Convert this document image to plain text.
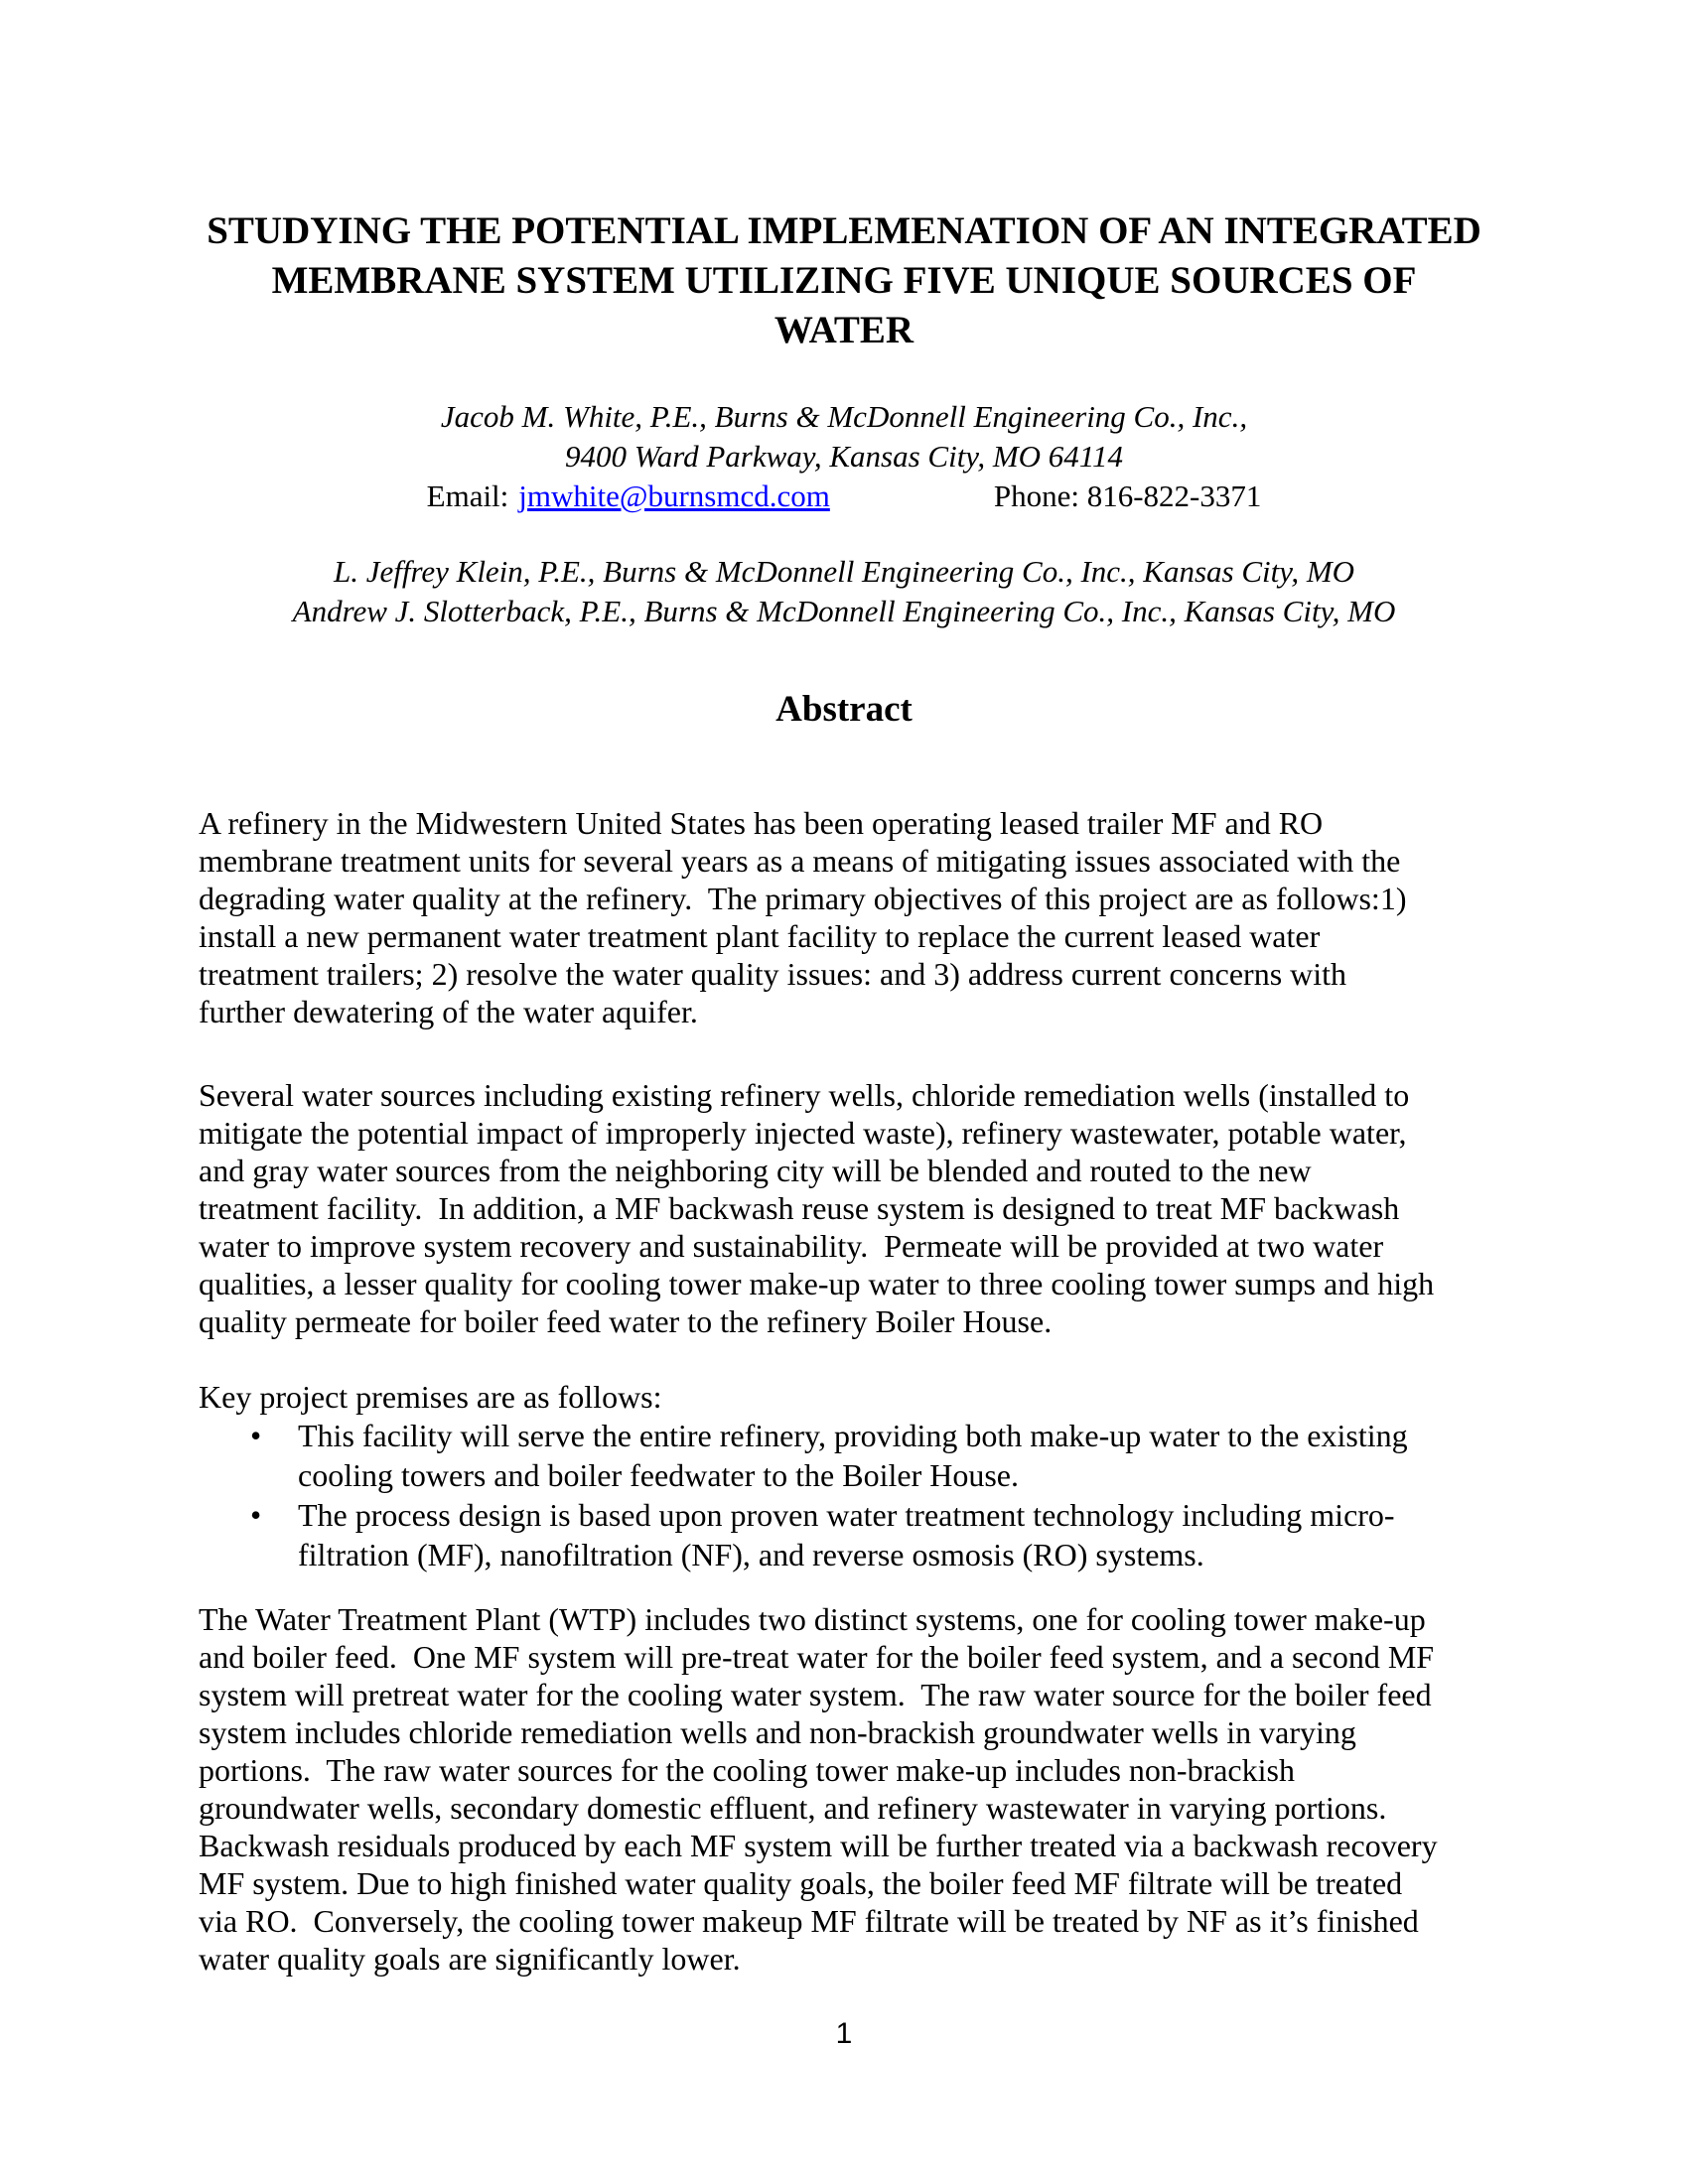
STUDYING THE POTENTIAL IMPLEMENATION OF AN INTEGRATED
MEMBRANE SYSTEM UTILIZING FIVE UNIQUE SOURCES OF
WATER
Jacob M. White, P.E., Burns & McDonnell Engineering Co., Inc.,
9400 Ward Parkway, Kansas City, MO 64114
Email: jmwhite@burnsmcd.com	Phone: 816-822-3371
L. Jeffrey Klein, P.E., Burns & McDonnell Engineering Co., Inc., Kansas City, MO
Andrew J. Slotterback, P.E., Burns & McDonnell Engineering Co., Inc., Kansas City, MO
Abstract
A refinery in the Midwestern United States has been operating leased trailer MF and RO
membrane treatment units for several years as a means of mitigating issues associated with the
degrading water quality at the refinery.  The primary objectives of this project are as follows:1)
install a new permanent water treatment plant facility to replace the current leased water
treatment trailers; 2) resolve the water quality issues: and 3) address current concerns with
further dewatering of the water aquifer.
Several water sources including existing refinery wells, chloride remediation wells (installed to
mitigate the potential impact of improperly injected waste), refinery wastewater, potable water,
and gray water sources from the neighboring city will be blended and routed to the new
treatment facility.  In addition, a MF backwash reuse system is designed to treat MF backwash
water to improve system recovery and sustainability.  Permeate will be provided at two water
qualities, a lesser quality for cooling tower make-up water to three cooling tower sumps and high
quality permeate for boiler feed water to the refinery Boiler House.
Key project premises are as follows:
•	This facility will serve the entire refinery, providing both make-up water to the existing
cooling towers and boiler feedwater to the Boiler House.
•	The process design is based upon proven water treatment technology including micro-
filtration (MF), nanofiltration (NF), and reverse osmosis (RO) systems.
The Water Treatment Plant (WTP) includes two distinct systems, one for cooling tower make-up
and boiler feed.  One MF system will pre-treat water for the boiler feed system, and a second MF
system will pretreat water for the cooling water system.  The raw water source for the boiler feed
system includes chloride remediation wells and non-brackish groundwater wells in varying
portions.  The raw water sources for the cooling tower make-up includes non-brackish
groundwater wells, secondary domestic effluent, and refinery wastewater in varying portions.
Backwash residuals produced by each MF system will be further treated via a backwash recovery
MF system. Due to high finished water quality goals, the boiler feed MF filtrate will be treated
via RO.  Conversely, the cooling tower makeup MF filtrate will be treated by NF as it’s finished
water quality goals are significantly lower.
1
